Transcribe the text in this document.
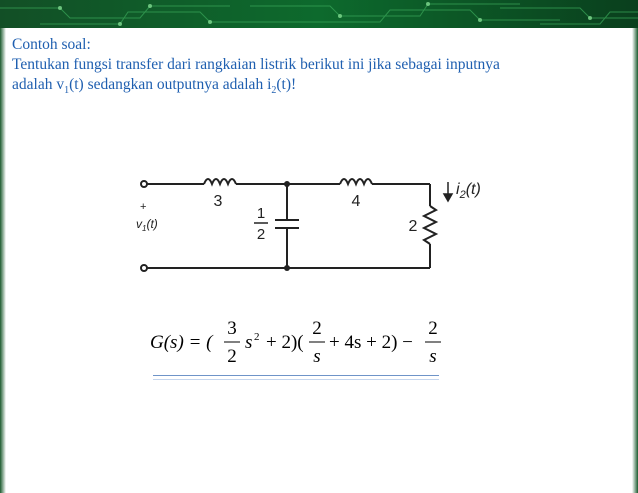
Contoh soal:
Tentukan fungsi transfer dari rangkaian listrik berikut ini jika sebagai inputnya
adalah $v_1(t)$ sedangkan outputnya adalah $i_2(t)$!
3	4
1
2	2
+
$v_1(t)$
$i_2(t)$
G(s) = (
3
2
s 2 + 2)(
2
s
+ 4s + 2) −
2
s
